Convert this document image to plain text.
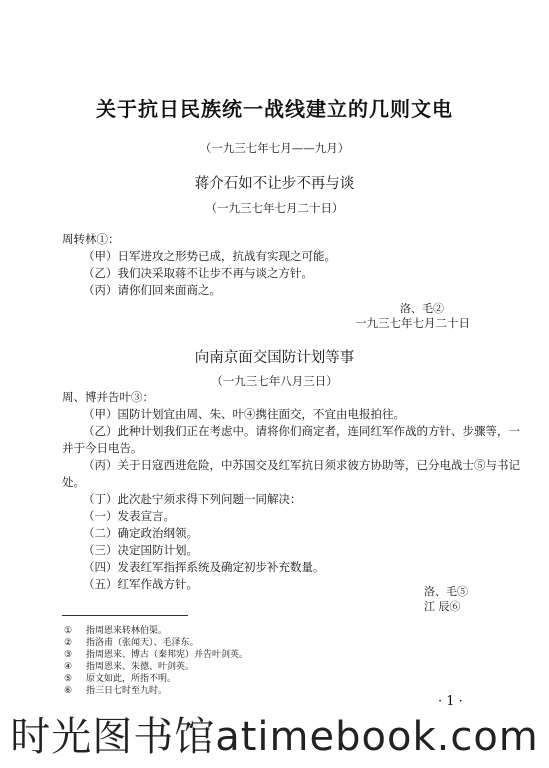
关于抗日民族统一战线建立的几则文电
（一九三七年七月——九月）
蒋介石如不让步不再与谈
（一九三七年七月二十日）
周转林①：
（甲）日军进攻之形势已成，抗战有实现之可能。
（乙）我们决采取蒋不让步不再与谈之方针。
（丙）请你们回来面商之。
洛、毛②
一九三七年七月二十日
向南京面交国防计划等事
（一九三七年八月三日）
周、博并告叶③：
（甲）国防计划宜由周、朱、叶④携往面交，不宜由电报拍往。
（乙）此种计划我们正在考虑中。请将你们商定者，连同红军作战的方针、步骤等，一
并于今日电告。
（丙）关于日寇西进危险，中苏国交及红军抗日须求彼方协助等，已分电战士⑤与书记
处。
（丁）此次赴宁须求得下列问题一同解决：
（一）发表宣言。
（二）确定政治纲领。
（三）决定国防计划。
（四）发表红军指挥系统及确定初步补充数量。
（五）红军作战方针。
洛、毛⑤
江 辰⑥
① 指周恩来转林伯渠。
② 指洛甫（张闻天）、毛泽东。
③ 指周恩来、博古（秦邦宪）并告叶剑英。
④ 指周恩来、朱德、叶剑英。
⑤ 原文如此，所指不明。
⑥ 指三日七时至九时。
· 1 ·
时光图书馆atimebook.com
